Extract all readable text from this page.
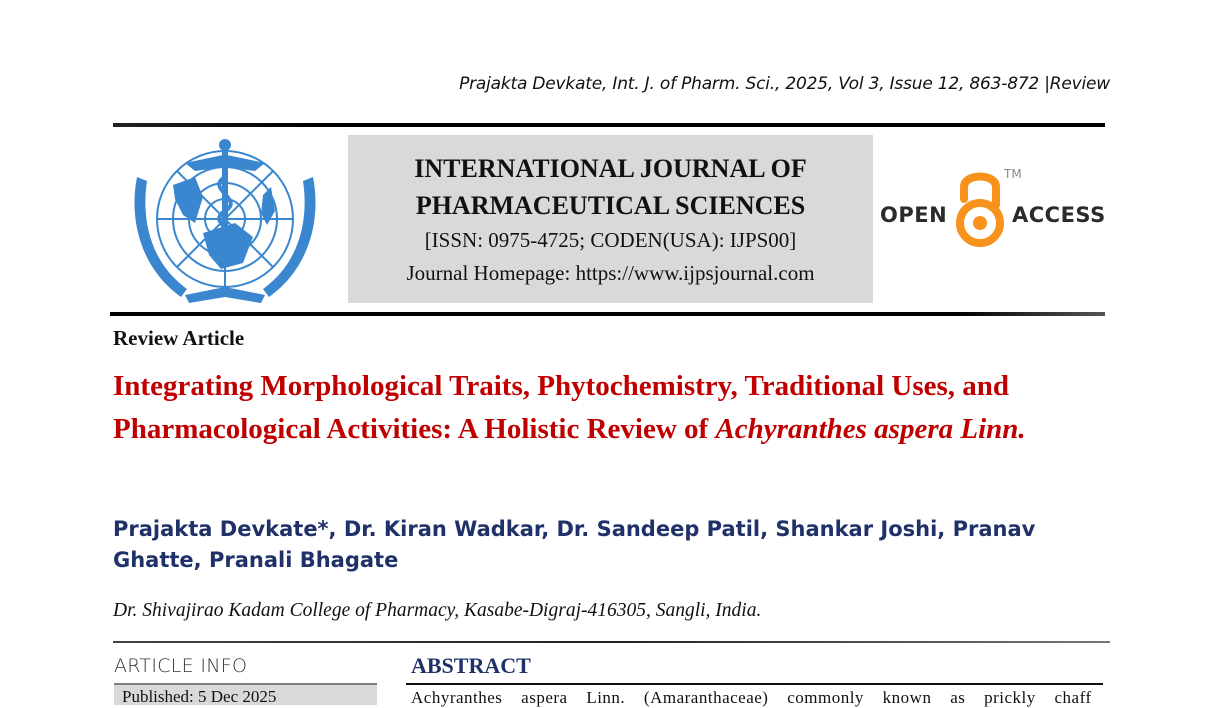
Prajakta Devkate, Int. J. of Pharm. Sci., 2025, Vol 3, Issue 12, 863-872 |Review
INTERNATIONAL JOURNAL OF
PHARMACEUTICAL SCIENCES
[ISSN: 0975-4725; CODEN(USA): IJPS00]
Journal Homepage: https://www.ijpsjournal.com
OPEN
TM
ACCESS
Review Article
Integrating Morphological Traits, Phytochemistry, Traditional Uses, and Pharmacological Activities: A Holistic Review of Achyranthes aspera Linn.
Prajakta Devkate*, Dr. Kiran Wadkar, Dr. Sandeep Patil, Shankar Joshi, Pranav Ghatte, Pranali Bhagate
Dr. Shivajirao Kadam College of Pharmacy, Kasabe-Digraj-416305, Sangli, India.
ARTICLE INFO
Published: 5 Dec 2025
ABSTRACT
Achyranthes aspera Linn. (Amaranthaceae) commonly known as prickly chaff
